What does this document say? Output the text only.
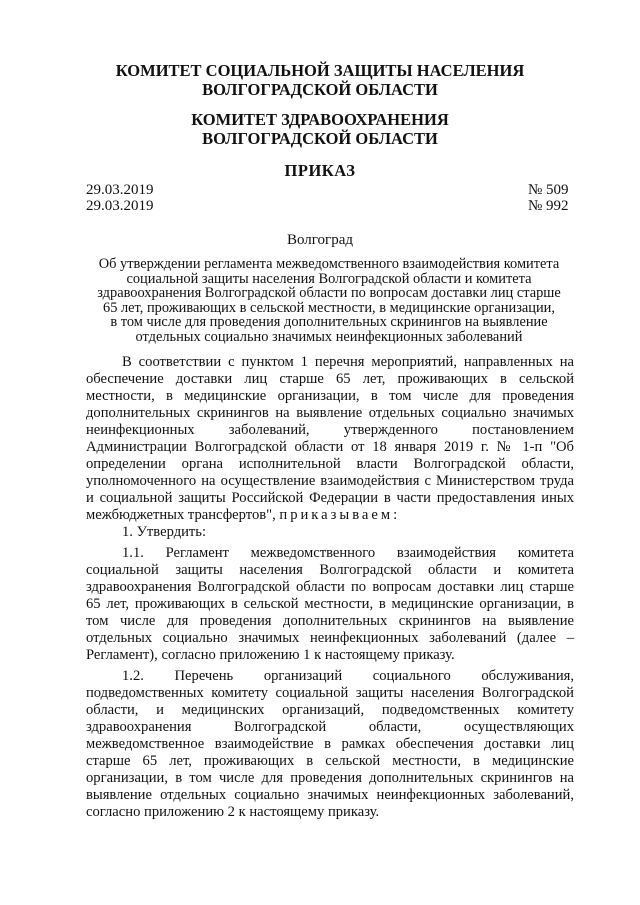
КОМИТЕТ СОЦИАЛЬНОЙ ЗАЩИТЫ НАСЕЛЕНИЯ
ВОЛГОГРАДСКОЙ ОБЛАСТИ
КОМИТЕТ ЗДРАВООХРАНЕНИЯ
ВОЛГОГРАДСКОЙ ОБЛАСТИ
ПРИКАЗ
29.03.2019	№ 509
29.03.2019	№ 992
Волгоград
Об утверждении регламента межведомственного взаимодействия комитета
социальной защиты населения Волгоградской области и комитета
здравоохранения Волгоградской области по вопросам доставки лиц старше
65 лет, проживающих в сельской местности, в медицинские организации,
в том числе для проведения дополнительных скринингов на выявление
отдельных социально значимых неинфекционных заболеваний

В соответствии с пунктом 1 перечня мероприятий, направленных на обеспечение доставки лиц старше 65 лет, проживающих в сельской местности, в медицинские организации, в том числе для проведения дополнительных скринингов на выявление отдельных социально значимых неинфекционных заболеваний, утвержденного постановлением Администрации Волгоградской области от 18 января 2019 г. № 1-п "Об определении органа исполнительной власти Волгоградской области, уполномоченного на осуществление взаимодействия с Министерством труда и социальной защиты Российской Федерации в части предоставления иных межбюджетных трансфертов", приказываем:

1. Утвердить:

1.1. Регламент межведомственного взаимодействия комитета социальной защиты населения Волгоградской области и комитета здравоохранения Волгоградской области по вопросам доставки лиц старше 65 лет, проживающих в сельской местности, в медицинские организации, в том числе для проведения дополнительных скринингов на выявление отдельных социально значимых неинфекционных заболеваний (далее – Регламент), согласно приложению 1 к настоящему приказу.

1.2. Перечень организаций социального обслуживания, подведомственных комитету социальной защиты населения Волгоградской области, и медицинских организаций, подведомственных комитету здравоохранения Волгоградской области, осуществляющих межведомственное взаимодействие в рамках обеспечения доставки лиц старше 65 лет, проживающих в сельской местности, в медицинские организации, в том числе для проведения дополнительных скринингов на выявление отдельных социально значимых неинфекционных заболеваний, согласно приложению 2 к настоящему приказу.
